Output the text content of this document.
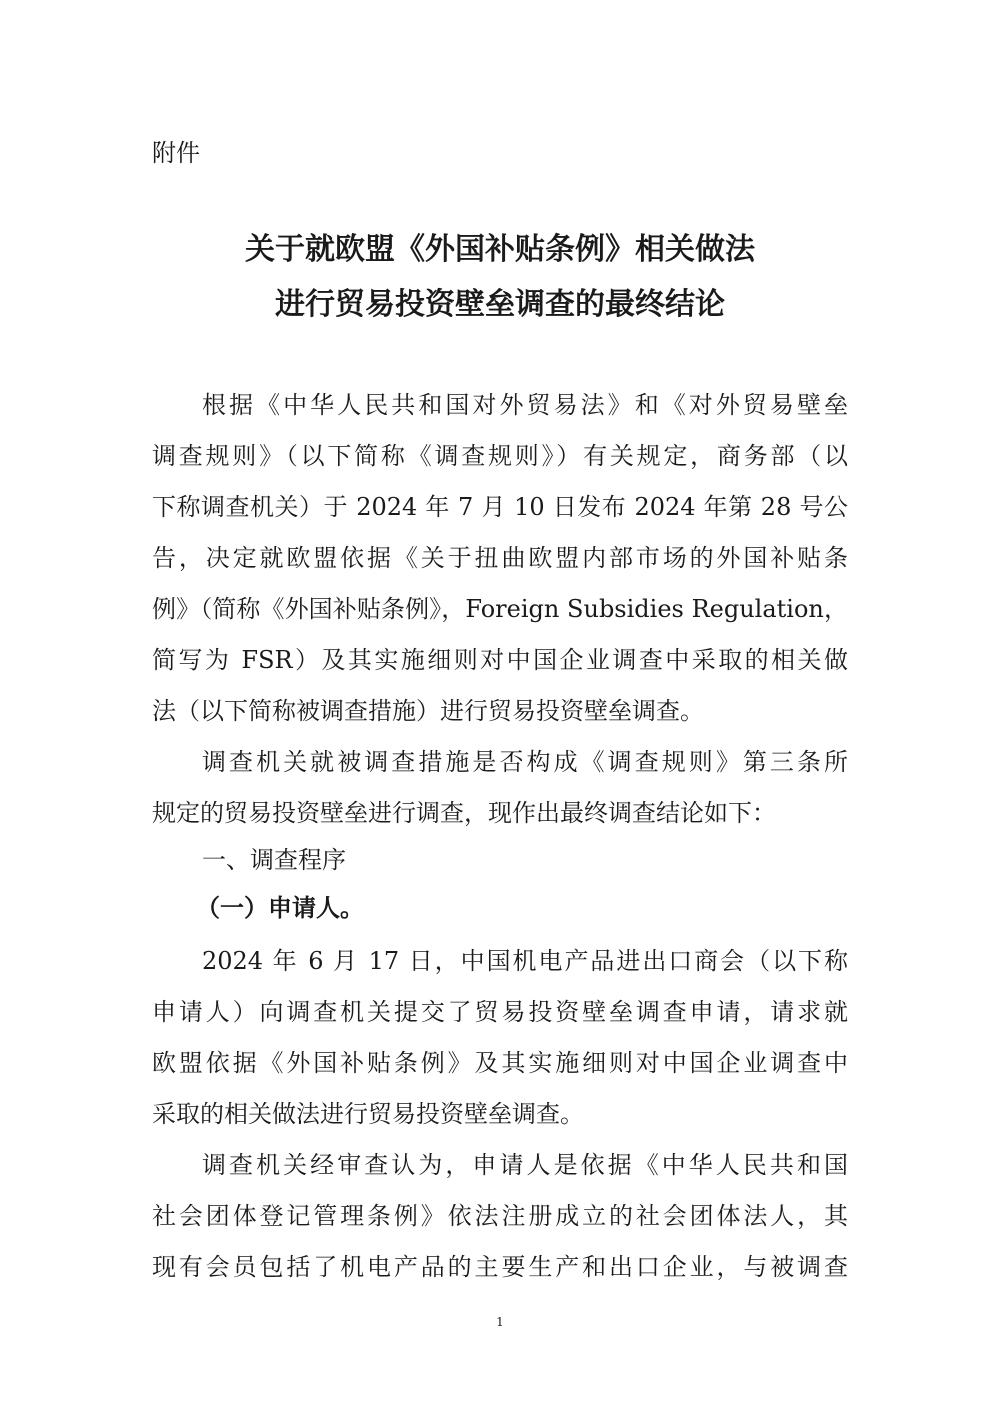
附件
关于就欧盟《外国补贴条例》相关做法
进行贸易投资壁垒调查的最终结论
根据《中华人民共和国对外贸易法》和《对外贸易壁垒
调查规则》（以下简称《调查规则》）有关规定，商务部（以
下称调查机关）于 2024 年 7 月 10 日发布 2024 年第 28 号公
告，决定就欧盟依据《关于扭曲欧盟内部市场的外国补贴条
例》（简称《外国补贴条例》，Foreign Subsidies Regulation，
简写为 FSR）及其实施细则对中国企业调查中采取的相关做
法（以下简称被调查措施）进行贸易投资壁垒调查。
调查机关就被调查措施是否构成《调查规则》第三条所
规定的贸易投资壁垒进行调查，现作出最终调查结论如下：
一、调查程序
（一）申请人。
2024 年 6 月 17 日，中国机电产品进出口商会（以下称
申请人）向调查机关提交了贸易投资壁垒调查申请，请求就
欧盟依据《外国补贴条例》及其实施细则对中国企业调查中
采取的相关做法进行贸易投资壁垒调查。
调查机关经审查认为，申请人是依据《中华人民共和国
社会团体登记管理条例》依法注册成立的社会团体法人，其
现有会员包括了机电产品的主要生产和出口企业，与被调查
1
